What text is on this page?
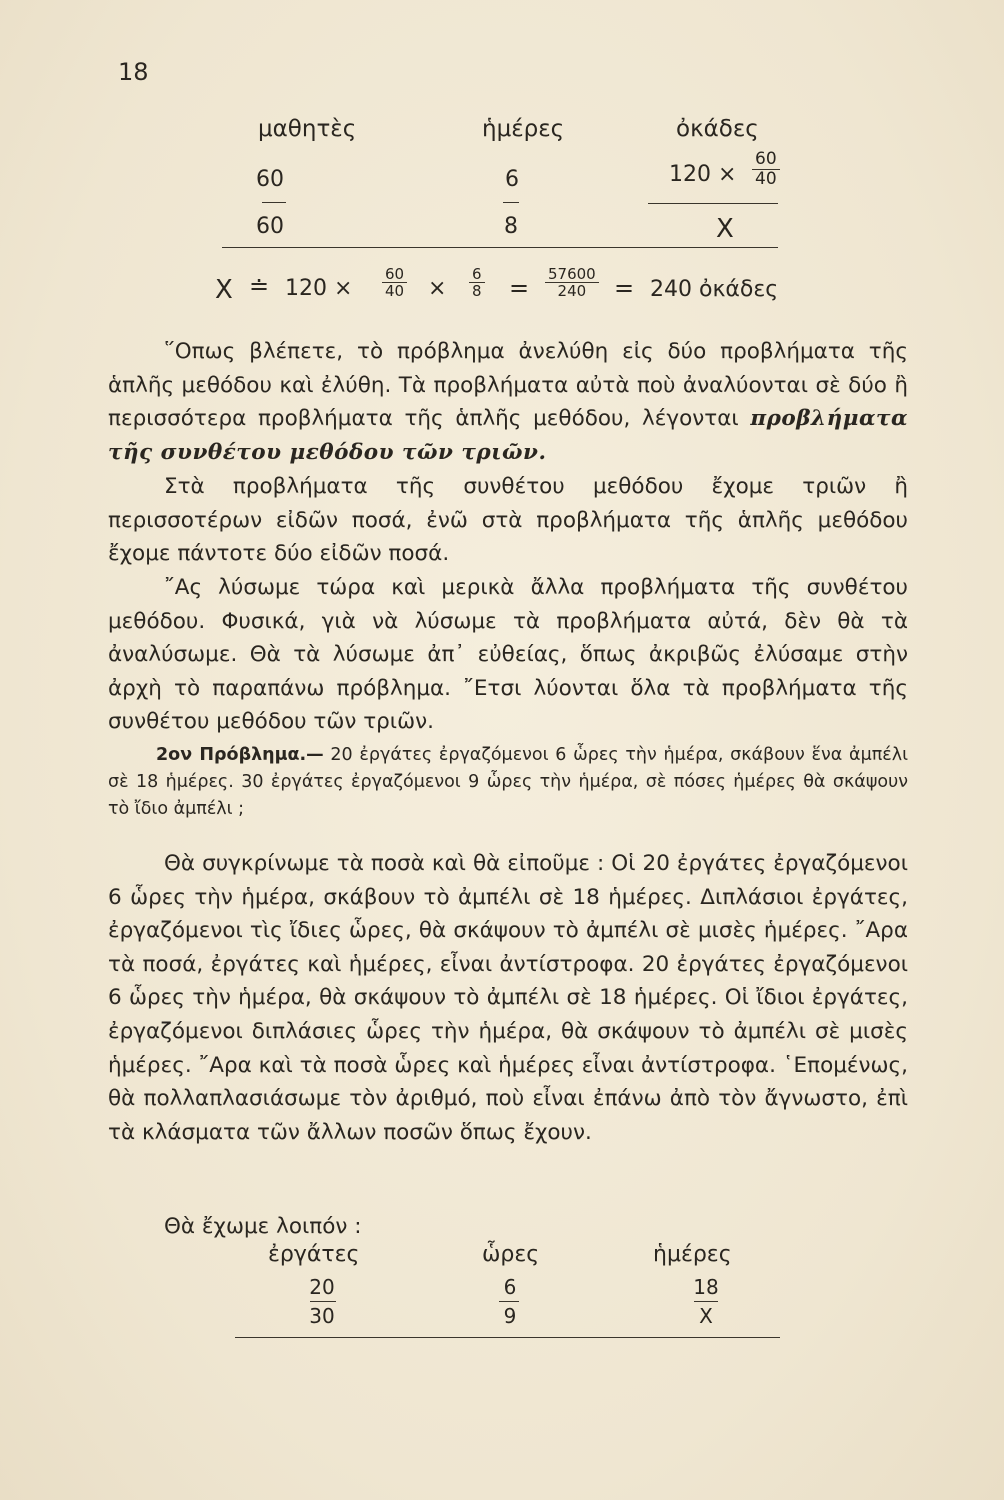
18
μαθητὲς	ἡμέρες	ὀκάδες
60	6	$120 \times \frac{60}{40}$
60	8	X
X ≐ $120 \times \frac{60}{40} \times \frac{6}{8} = \frac{57600}{240} = 240$ ὀκάδες
῞Οπως βλέπετε, τὸ πρόβλημα ἀνελύθη εἰς δύο προβλήματα τῆς ἁπλῆς μεθόδου καὶ ἐλύθη. Τὰ προβλήματα αὐτὰ ποὺ ἀναλύονται σὲ δύο ἢ περισσότερα προβλήματα τῆς ἁπλῆς μεθόδου, λέγονται προβλήματα τῆς συνθέτου μεθόδου τῶν τριῶν.
Στὰ προβλήματα τῆς συνθέτου μεθόδου ἔχομε τριῶν ἢ περισσοτέρων εἰδῶν ποσά, ἐνῶ στὰ προβλήματα τῆς ἁπλῆς μεθόδου ἔχομε πάντοτε δύο εἰδῶν ποσά.
῎Ας λύσωμε τώρα καὶ μερικὰ ἄλλα προβλήματα τῆς συνθέτου μεθόδου. Φυσικά, γιὰ νὰ λύσωμε τὰ προβλήματα αὐτά, δὲν θὰ τὰ ἀναλύσωμε. Θὰ τὰ λύσωμε ἀπ᾿ εὐθείας, ὅπως ἀκριβῶς ἐλύσαμε στὴν ἀρχὴ τὸ παραπάνω πρόβλημα. ῎Ετσι λύονται ὅλα τὰ προβλήματα τῆς συνθέτου μεθόδου τῶν τριῶν.
2ον Πρόβλημα.— 20 ἐργάτες ἐργαζόμενοι 6 ὧρες τὴν ἡμέρα, σκάβουν ἕνα ἀμπέλι σὲ 18 ἡμέρες. 30 ἐργάτες ἐργαζόμενοι 9 ὧρες τὴν ἡμέρα, σὲ πόσες ἡμέρες θὰ σκάψουν τὸ ἴδιο ἀμπέλι ;
Θὰ συγκρίνωμε τὰ ποσὰ καὶ θὰ εἰποῦμε : Οἱ 20 ἐργάτες ἐργαζόμενοι 6 ὧρες τὴν ἡμέρα, σκάβουν τὸ ἀμπέλι σὲ 18 ἡμέρες. Διπλάσιοι ἐργάτες, ἐργαζόμενοι τὶς ἴδιες ὧρες, θὰ σκάψουν τὸ ἀμπέλι σὲ μισὲς ἡμέρες. ῎Αρα τὰ ποσά, ἐργάτες καὶ ἡμέρες, εἶναι ἀντίστροφα. 20 ἐργάτες ἐργαζόμενοι 6 ὧρες τὴν ἡμέρα, θὰ σκάψουν τὸ ἀμπέλι σὲ 18 ἡμέρες. Οἱ ἴδιοι ἐργάτες, ἐργαζόμενοι διπλάσιες ὧρες τὴν ἡμέρα, θὰ σκάψουν τὸ ἀμπέλι σὲ μισὲς ἡμέρες. ῎Αρα καὶ τὰ ποσὰ ὧρες καὶ ἡμέρες εἶναι ἀντίστροφα. ῾Επομένως, θὰ πολλαπλασιάσωμε τὸν ἀριθμό, ποὺ εἶναι ἐπάνω ἀπὸ τὸν ἄγνωστο, ἐπὶ τὰ κλάσματα τῶν ἄλλων ποσῶν ὅπως ἔχουν.
Θὰ ἔχωμε λοιπόν :
ἐργάτες	ὧρες	ἡμέρες
20	6	18
30	9	X
